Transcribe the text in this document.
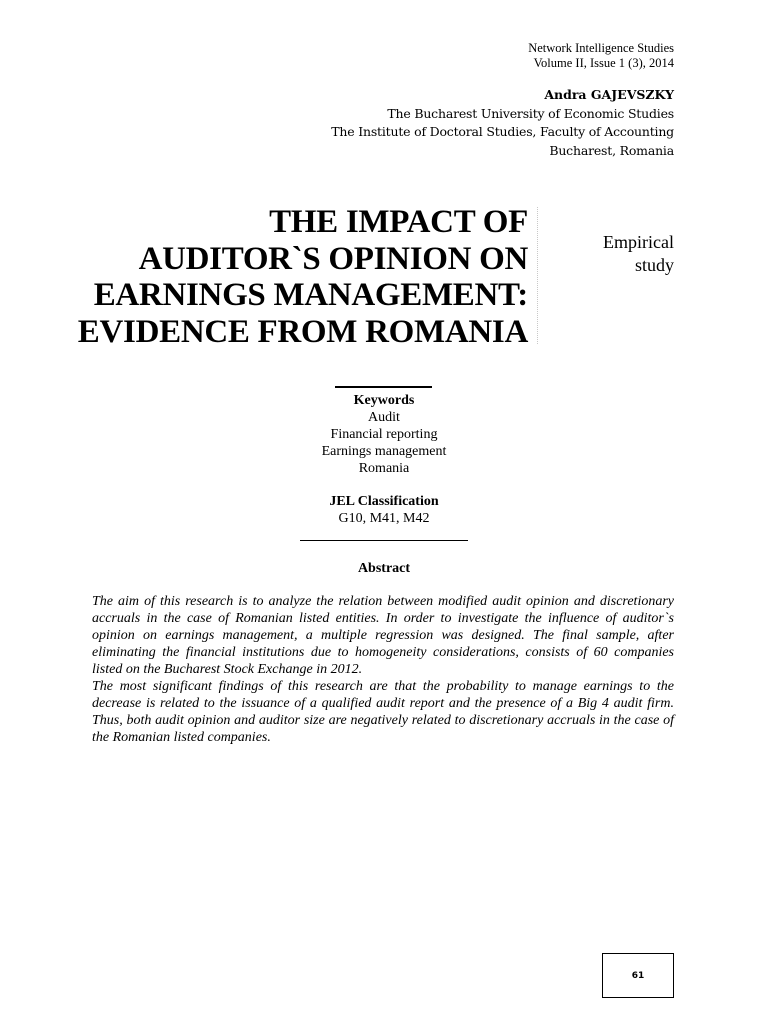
Network Intelligence Studies
Volume II, Issue 1 (3), 2014
Andra GAJEVSZKY
The Bucharest University of Economic Studies
The Institute of Doctoral Studies, Faculty of Accounting
Bucharest, Romania
THE IMPACT OF
AUDITOR`S OPINION ON
EARNINGS MANAGEMENT:
EVIDENCE FROM ROMANIA
Empirical
study
Keywords
Audit
Financial reporting
Earnings management
Romania
JEL Classification
G10, M41, M42
Abstract

The aim of this research is to analyze the relation between modified audit opinion and discretionary accruals in the case of Romanian listed entities. In order to investigate the influence of auditor`s opinion on earnings management, a multiple regression was designed. The final sample, after eliminating the financial institutions due to homogeneity considerations, consists of 60 companies listed on the Bucharest Stock Exchange in 2012.

The most significant findings of this research are that the probability to manage earnings to the decrease is related to the issuance of a qualified audit report and the presence of a Big 4 audit firm. Thus, both audit opinion and auditor size are negatively related to discretionary accruals in the case of the Romanian listed companies.

61
